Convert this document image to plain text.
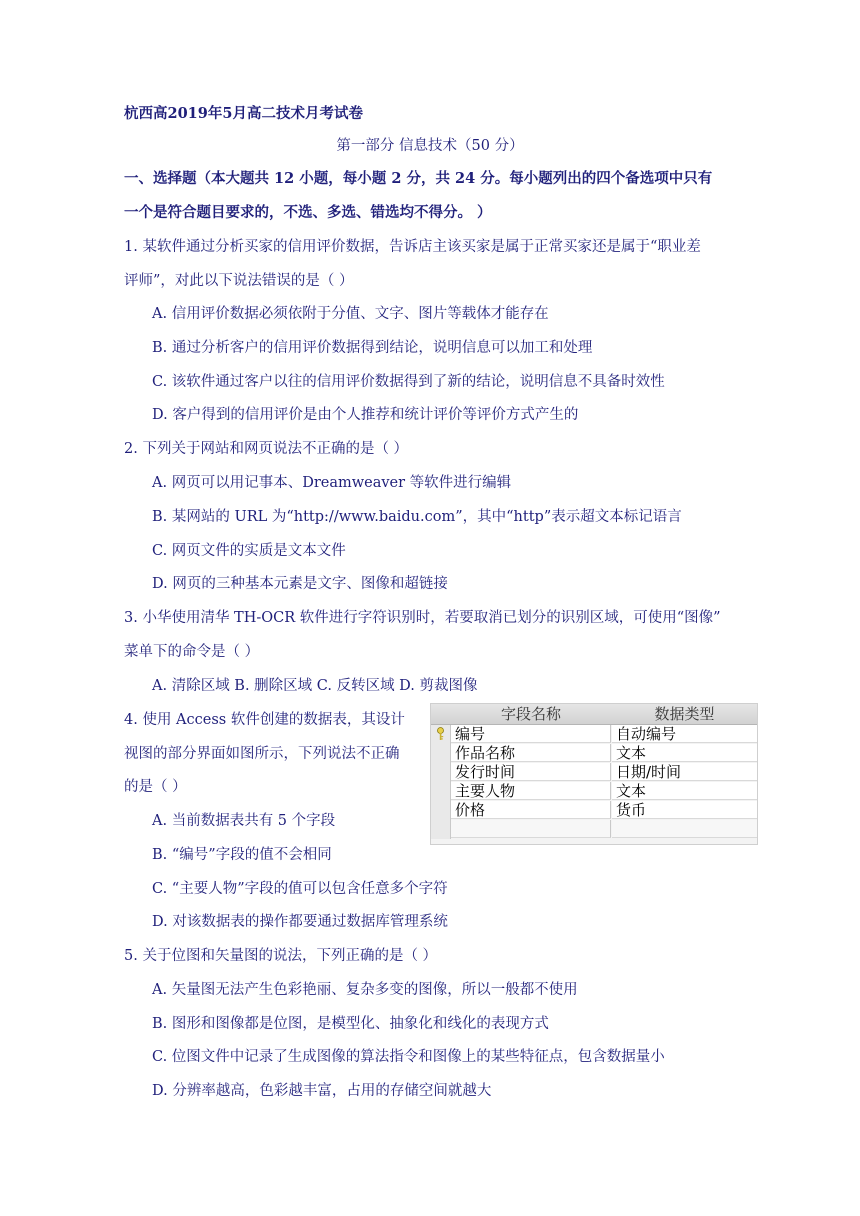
杭西高2019年5月高二技术月考试卷
第一部分 信息技术（50 分）
一、选择题（本大题共 12 小题，每小题 2 分，共 24 分。每小题列出的四个备选项中只有
一个是符合题目要求的，不选、多选、错选均不得分。 ）
1. 某软件通过分析买家的信用评价数据，告诉店主该买家是属于正常买家还是属于“职业差
评师”，对此以下说法错误的是（ ）
A. 信用评价数据必须依附于分值、文字、图片等载体才能存在
B. 通过分析客户的信用评价数据得到结论，说明信息可以加工和处理
C. 该软件通过客户以往的信用评价数据得到了新的结论，说明信息不具备时效性
D. 客户得到的信用评价是由个人推荐和统计评价等评价方式产生的
2. 下列关于网站和网页说法不正确的是（ ）
A. 网页可以用记事本、Dreamweaver 等软件进行编辑
B. 某网站的 URL 为“http://www.baidu.com”，其中“http”表示超文本标记语言
C. 网页文件的实质是文本文件
D. 网页的三种基本元素是文字、图像和超链接
3. 小华使用清华 TH-OCR 软件进行字符识别时，若要取消已划分的识别区域，可使用“图像”
菜单下的命令是（ ）
A. 清除区域 B. 删除区域 C. 反转区域 D. 剪裁图像
4. 使用 Access 软件创建的数据表，其设计
视图的部分界面如图所示，下列说法不正确
的是（ ）
A. 当前数据表共有 5 个字段
B. “编号”字段的值不会相同
C. “主要人物”字段的值可以包含任意多个字符
D. 对该数据表的操作都要通过数据库管理系统
字段名称	数据类型
编号	自动编号
作品名称	文本
发行时间	日期/时间
主要人物	文本
价格	货币
5. 关于位图和矢量图的说法，下列正确的是（ ）
A. 矢量图无法产生色彩艳丽、复杂多变的图像，所以一般都不使用
B. 图形和图像都是位图，是模型化、抽象化和线化的表现方式
C. 位图文件中记录了生成图像的算法指令和图像上的某些特征点，包含数据量小
D. 分辨率越高，色彩越丰富，占用的存储空间就越大
